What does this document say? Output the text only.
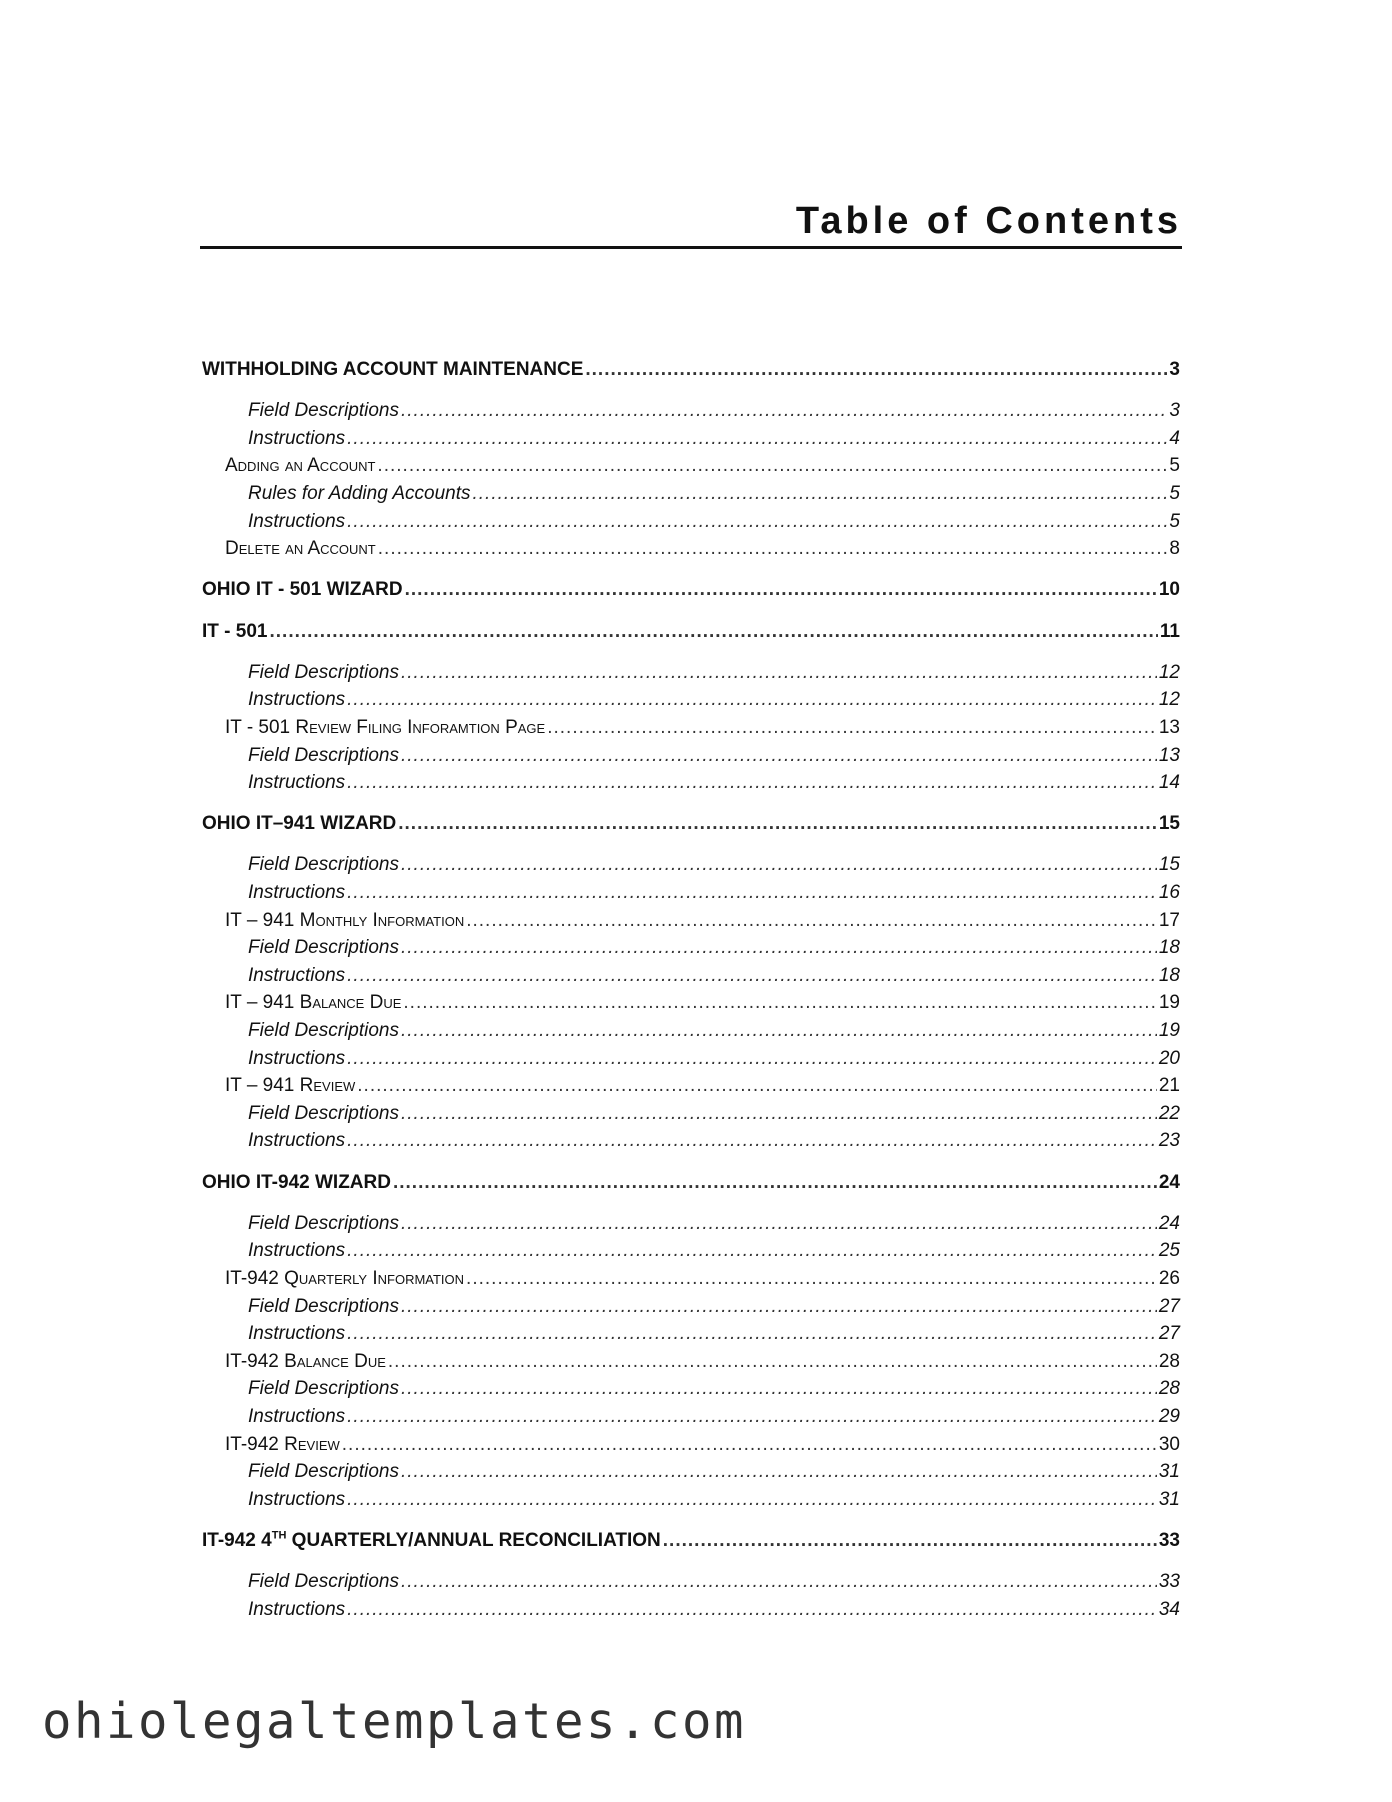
Table of Contents
WITHHOLDING ACCOUNT MAINTENANCE .....	3
Field Descriptions .....	3
Instructions .....	4
Adding an Account .....	5
Rules for Adding Accounts .....	5
Instructions .....	5
Delete an Account .....	8
OHIO IT - 501 WIZARD .....	10
IT - 501 .....	11
Field Descriptions .....	12
Instructions .....	12
IT - 501 Review Filing Inforamtion Page .....	13
Field Descriptions .....	13
Instructions .....	14
OHIO IT–941 WIZARD .....	15
Field Descriptions .....	15
Instructions .....	16
IT – 941 Monthly Information .....	17
Field Descriptions .....	18
Instructions .....	18
IT – 941 Balance Due .....	19
Field Descriptions .....	19
Instructions .....	20
IT – 941 Review .....	21
Field Descriptions .....	22
Instructions .....	23
OHIO IT-942 WIZARD .....	24
Field Descriptions .....	24
Instructions .....	25
IT-942 Quarterly Information .....	26
Field Descriptions .....	27
Instructions .....	27
IT-942 Balance Due .....	28
Field Descriptions .....	28
Instructions .....	29
IT-942 Review .....	30
Field Descriptions .....	31
Instructions .....	31
IT-942 4TH QUARTERLY/ANNUAL RECONCILIATION .....	33
Field Descriptions .....	33
Instructions .....	34
ohiolegaltemplates.com
